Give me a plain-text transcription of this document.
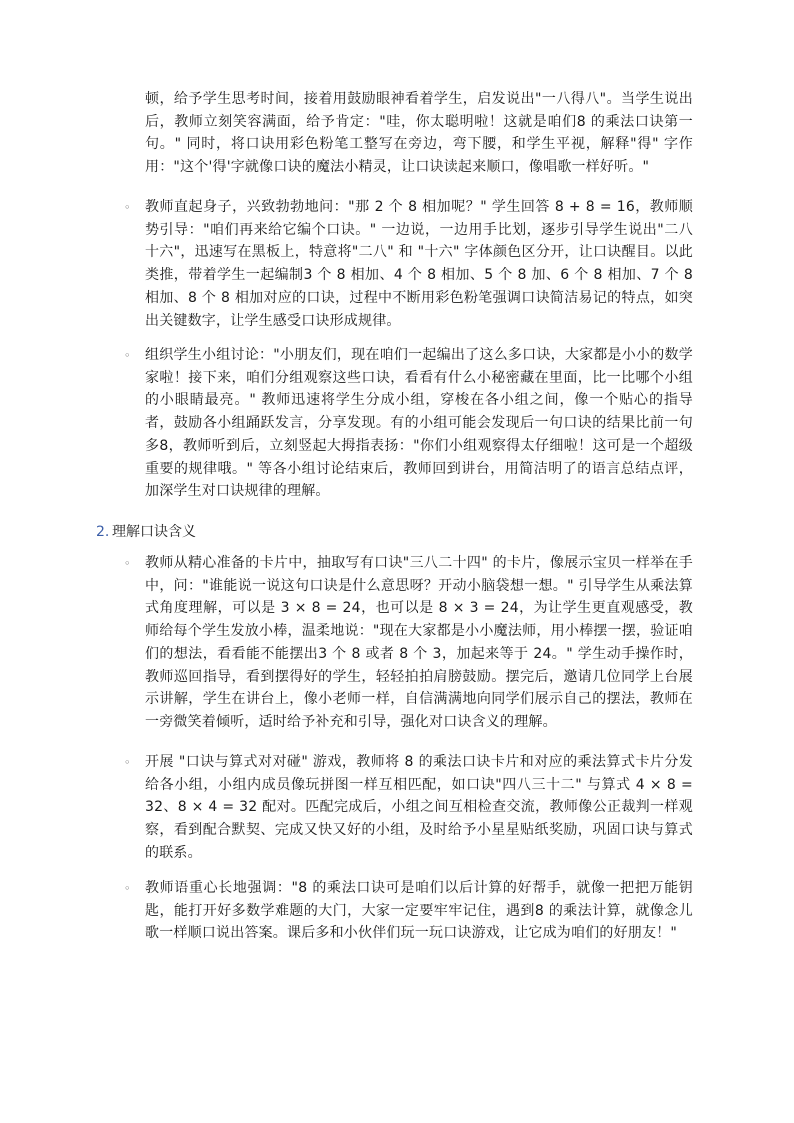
顿，给予学生思考时间，接着用鼓励眼神看着学生，启发说出"一八得八"。当学生说出后，教师立刻笑容满面，给予肯定："哇，你太聪明啦！这就是咱们8 的乘法口诀第一句。" 同时，将口诀用彩色粉笔工整写在旁边，弯下腰，和学生平视，解释"得" 字作用："这个'得'字就像口诀的魔法小精灵，让口诀读起来顺口，像唱歌一样好听。"

◦ 教师直起身子，兴致勃勃地问："那 2 个 8 相加呢？" 学生回答 8 + 8 = 16，教师顺势引导："咱们再来给它编个口诀。" 一边说，一边用手比划，逐步引导学生说出"二八十六"，迅速写在黑板上，特意将"二八" 和 "十六" 字体颜色区分开，让口诀醒目。以此类推，带着学生一起编制3 个 8 相加、4 个 8 相加、5 个 8 加、6 个 8 相加、7 个 8 相加、8 个 8 相加对应的口诀，过程中不断用彩色粉笔强调口诀简洁易记的特点，如突出关键数字，让学生感受口诀形成规律。

◦ 组织学生小组讨论："小朋友们，现在咱们一起编出了这么多口诀，大家都是小小的数学家啦！接下来，咱们分组观察这些口诀，看看有什么小秘密藏在里面，比一比哪个小组的小眼睛最亮。" 教师迅速将学生分成小组，穿梭在各小组之间，像一个贴心的指导者，鼓励各小组踊跃发言，分享发现。有的小组可能会发现后一句口诀的结果比前一句多8，教师听到后，立刻竖起大拇指表扬："你们小组观察得太仔细啦！这可是一个超级重要的规律哦。" 等各小组讨论结束后，教师回到讲台，用简洁明了的语言总结点评，加深学生对口诀规律的理解。

2. 理解口诀含义
◦ 教师从精心准备的卡片中，抽取写有口诀"三八二十四" 的卡片，像展示宝贝一样举在手中，问："谁能说一说这句口诀是什么意思呀？开动小脑袋想一想。" 引导学生从乘法算式角度理解，可以是 3 × 8 = 24，也可以是 8 × 3 = 24，为让学生更直观感受，教师给每个学生发放小棒，温柔地说："现在大家都是小小魔法师，用小棒摆一摆，验证咱们的想法，看看能不能摆出3 个 8 或者 8 个 3，加起来等于 24。" 学生动手操作时，教师巡回指导，看到摆得好的学生，轻轻拍拍肩膀鼓励。摆完后，邀请几位同学上台展示讲解，学生在讲台上，像小老师一样，自信满满地向同学们展示自己的摆法，教师在一旁微笑着倾听，适时给予补充和引导，强化对口诀含义的理解。

◦ 开展 "口诀与算式对对碰" 游戏，教师将 8 的乘法口诀卡片和对应的乘法算式卡片分发给各小组，小组内成员像玩拼图一样互相匹配，如口诀"四八三十二" 与算式 4 × 8 = 32、8 × 4 = 32 配对。匹配完成后，小组之间互相检查交流，教师像公正裁判一样观察，看到配合默契、完成又快又好的小组，及时给予小星星贴纸奖励，巩固口诀与算式的联系。

◦ 教师语重心长地强调："8 的乘法口诀可是咱们以后计算的好帮手，就像一把把万能钥匙，能打开好多数学难题的大门，大家一定要牢牢记住，遇到8 的乘法计算，就像念儿歌一样顺口说出答案。课后多和小伙伴们玩一玩口诀游戏，让它成为咱们的好朋友！"
